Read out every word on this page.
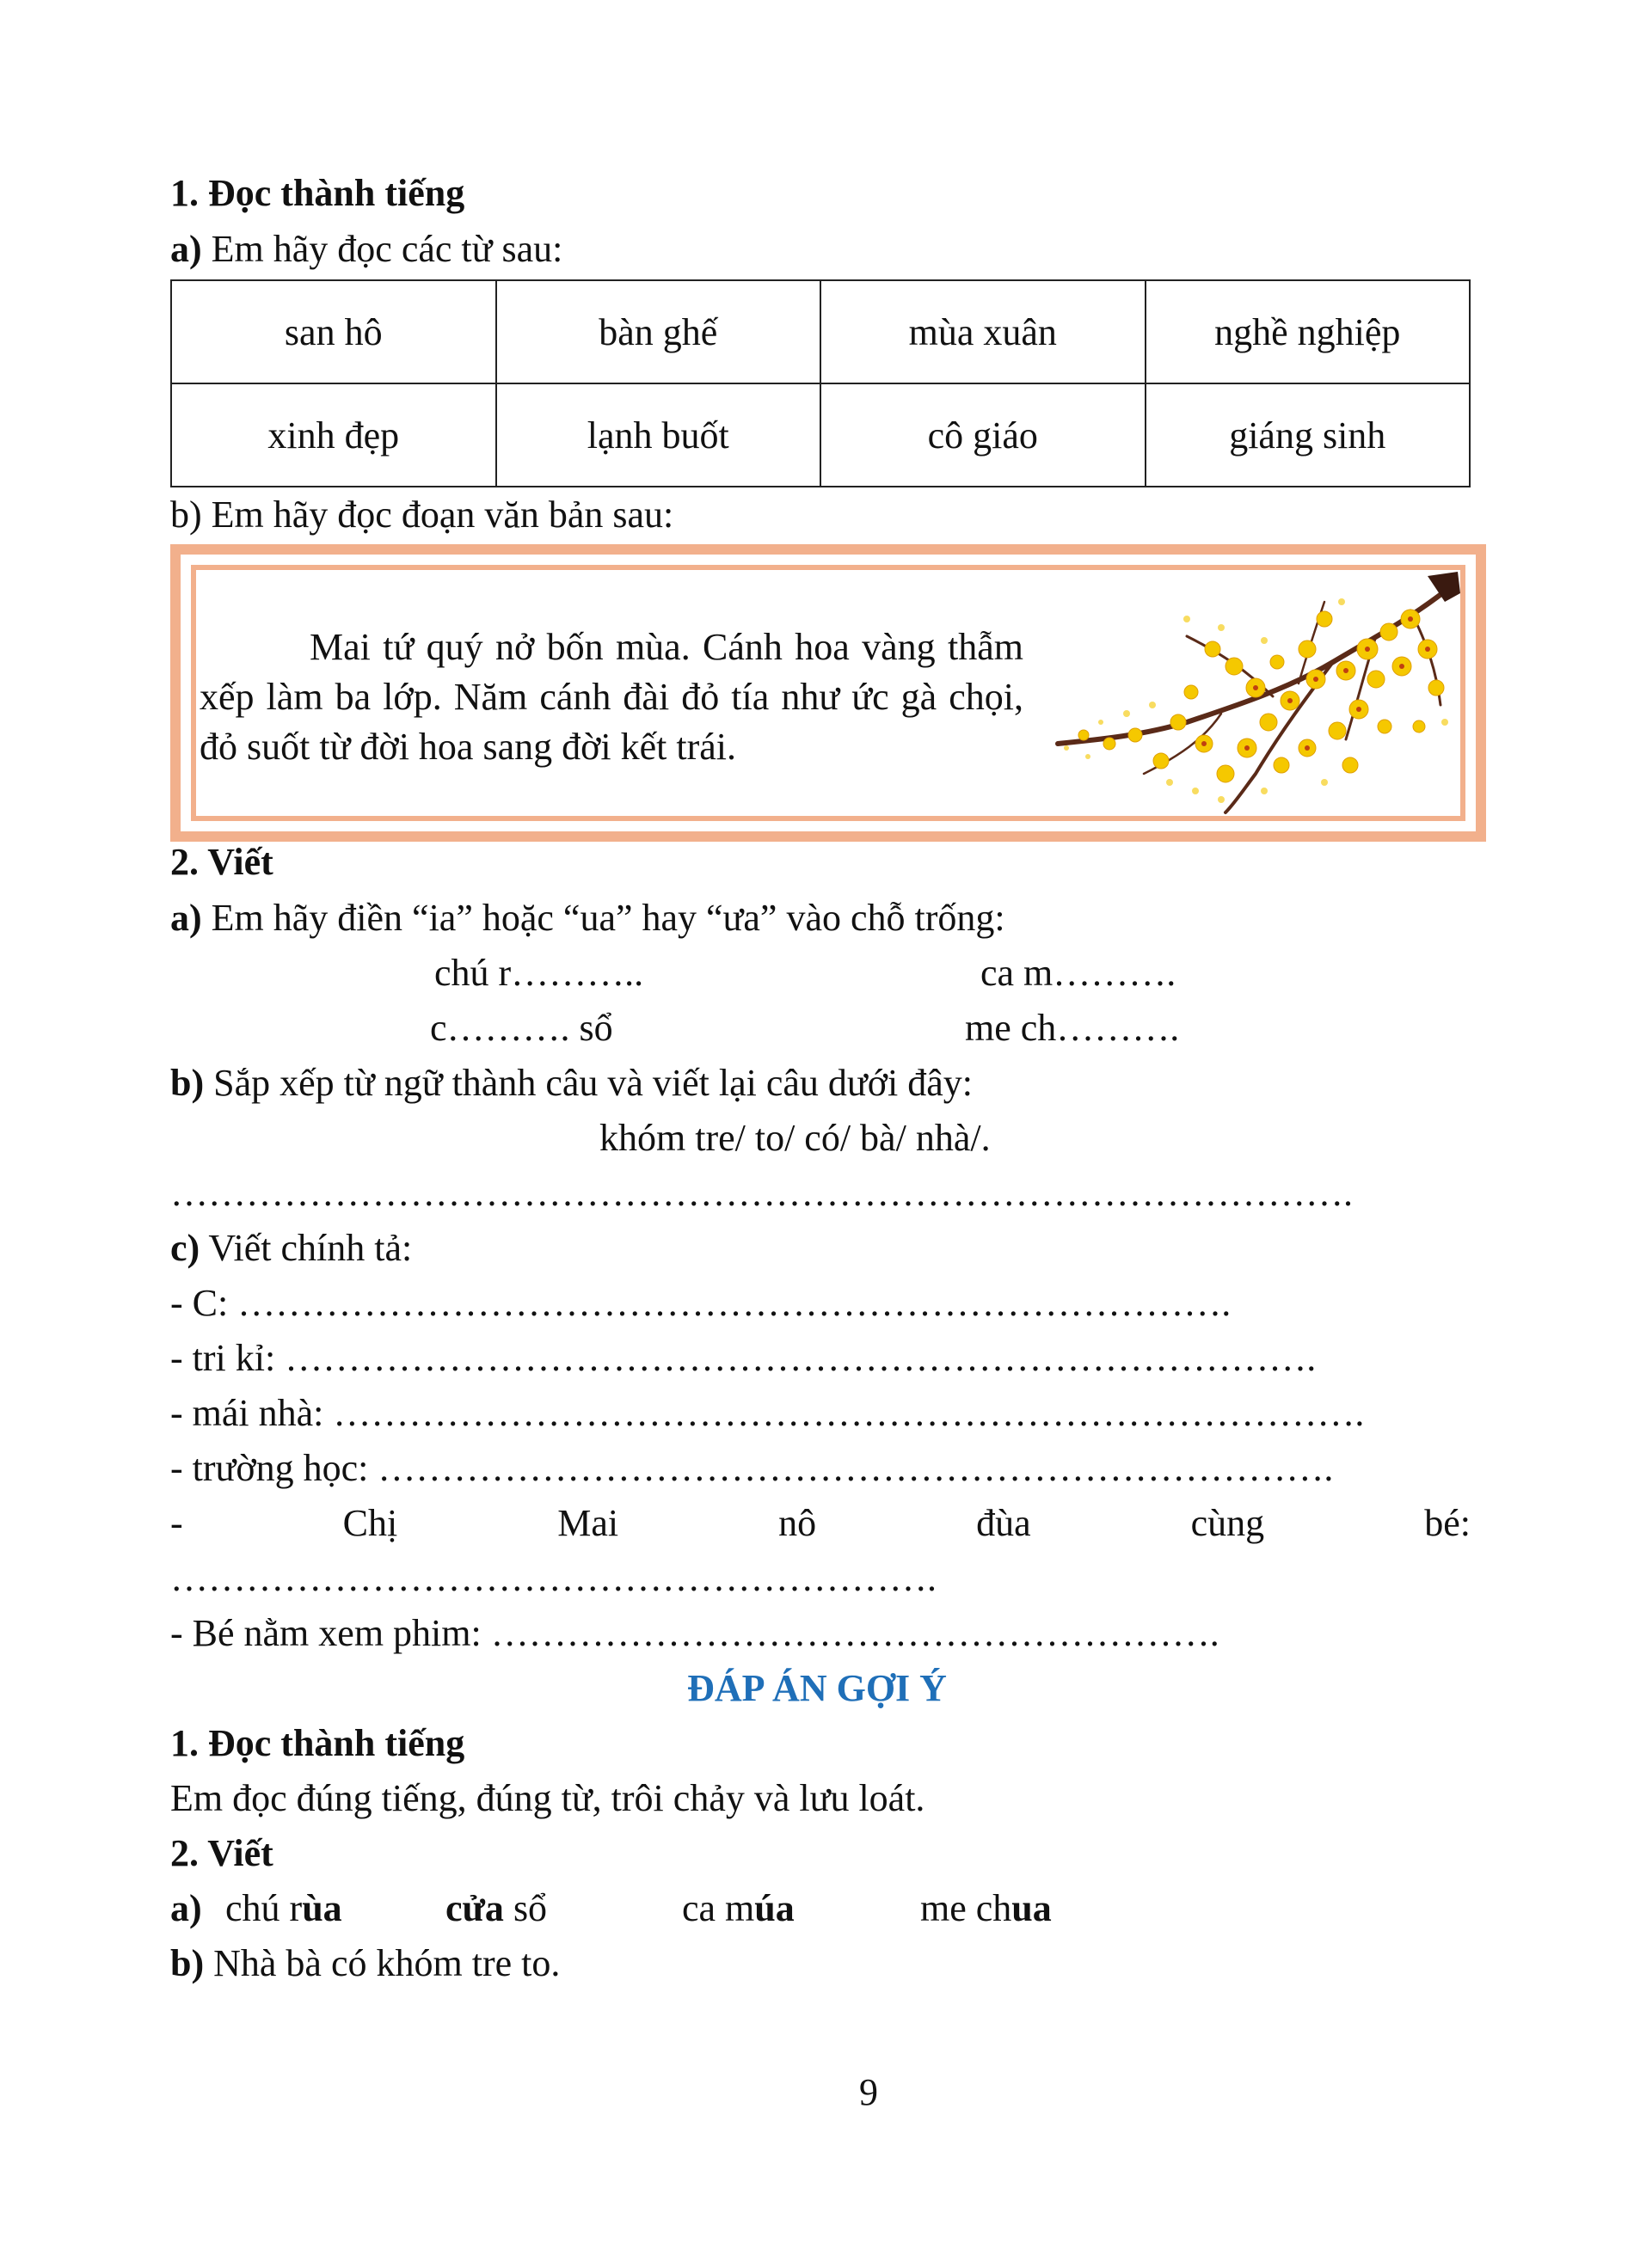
1. Đọc thành tiếng
a) Em hãy đọc các từ sau:
san hô	bàn ghế	mùa xuân	nghề nghiệp
xinh đẹp	lạnh buốt	cô giáo	giáng sinh
b) Em hãy đọc đoạn văn bản sau:
Mai tứ quý nở bốn mùa. Cánh hoa vàng thẫm xếp làm ba lớp. Năm cánh đài đỏ tía như ức gà chọi, đỏ suốt từ đời hoa sang đời kết trái.
2. Viết
a) Em hãy điền “ia” hoặc “ua” hay “ưa” vào chỗ trống:
chú r………..	ca m……….
c………. sổ	me ch……….
b) Sắp xếp từ ngữ thành câu và viết lại câu dưới đây:
khóm tre/ to/ có/ bà/ nhà/.
………………………………………………………………………………….
c) Viết chính tả:
- C: …………………………………………………………………….
- tri kỉ: ……………………………………………………………………….
- mái nhà: ……………………………………………………………………….
- trường học: ………………………………………………………………….
-	Chị	Mai	nô	đùa	cùng	bé:
…………………………………………………….
- Bé nằm xem phim: ………………………………………………….
ĐÁP ÁN GỢI Ý
1. Đọc thành tiếng
Em đọc đúng tiếng, đúng từ, trôi chảy và lưu loát.
2. Viết
a) chú rùa	cửa sổ	ca múa	me chua
b) Nhà bà có khóm tre to.
9
